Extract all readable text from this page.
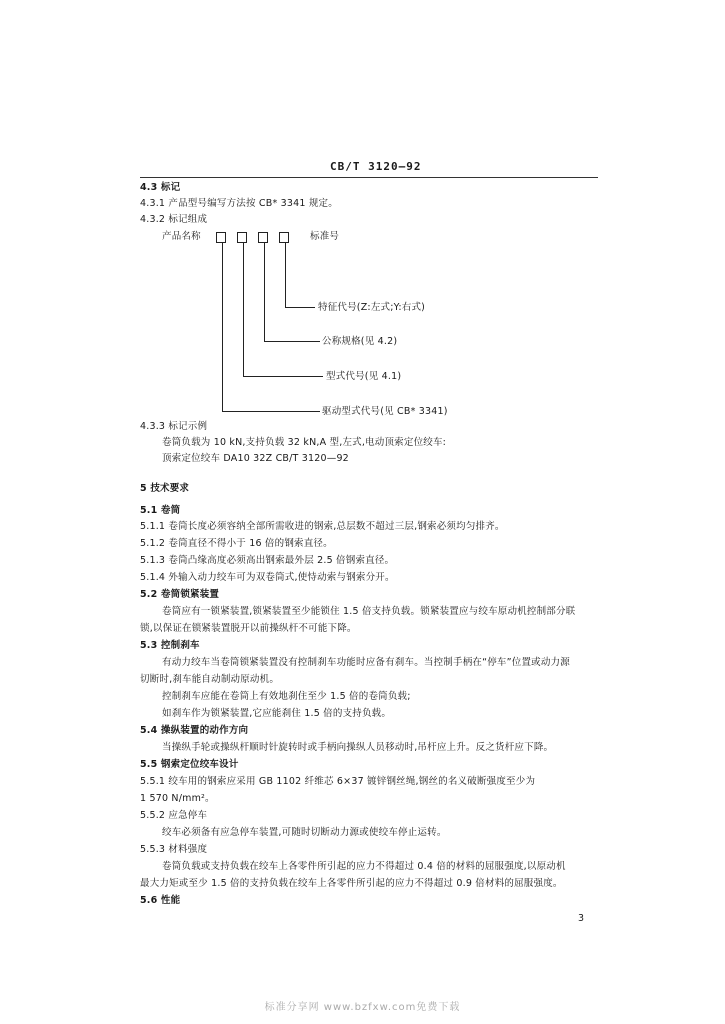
CB/T 3120—92
4.3 标记
4.3.1 产品型号编写方法按 CB* 3341 规定。
4.3.2 标记组成
产品名称	标准号
特征代号(Z:左式;Y:右式)
公称规格(见 4.2)
型式代号(见 4.1)
驱动型式代号(见 CB* 3341)
4.3.3 标记示例
卷筒负载为 10 kN,支持负载 32 kN,A 型,左式,电动顶索定位绞车:
顶索定位绞车 DA10 32Z CB/T 3120—92
5 技术要求
5.1 卷筒
5.1.1 卷筒长度必须容纳全部所需收进的钢索,总层数不超过三层,钢索必须均匀排齐。
5.1.2 卷筒直径不得小于 16 倍的钢索直径。
5.1.3 卷筒凸缘高度必须高出钢索最外层 2.5 倍钢索直径。
5.1.4 外输入动力绞车可为双卷筒式,使恃动索与钢索分开。
5.2 卷筒锁紧装置
卷筒应有一锁紧装置,锁紧装置至少能锁住 1.5 倍支持负载。锁紧装置应与绞车原动机控制部分联
锁,以保证在锁紧装置脱开以前操纵杆不可能下降。
5.3 控制刹车
有动力绞车当卷筒锁紧装置没有控制刹车功能时应备有刹车。当控制手柄在“停车”位置或动力源
切断时,刹车能自动制动原动机。
控制刹车应能在卷筒上有效地刹住至少 1.5 倍的卷筒负载;
如刹车作为锁紧装置,它应能刹住 1.5 倍的支持负载。
5.4 操纵装置的动作方向
当操纵手轮或操纵杆顺时针旋转时或手柄向操纵人员移动时,吊杆应上升。反之货杆应下降。
5.5 钢索定位绞车设计
5.5.1 绞车用的钢索应采用 GB 1102 纤维芯 6×37 镀锌钢丝绳,钢丝的名义破断强度至少为
1 570 N/mm²。
5.5.2 应急停车
绞车必须备有应急停车装置,可随时切断动力源或使绞车停止运转。
5.5.3 材料强度
卷筒负载或支持负载在绞车上各零件所引起的应力不得超过 0.4 倍的材料的屈服强度,以原动机
最大力矩或至少 1.5 倍的支持负载在绞车上各零件所引起的应力不得超过 0.9 倍材料的屈服强度。
5.6 性能
3
标准分享网 www.bzfxw.com免费下载
